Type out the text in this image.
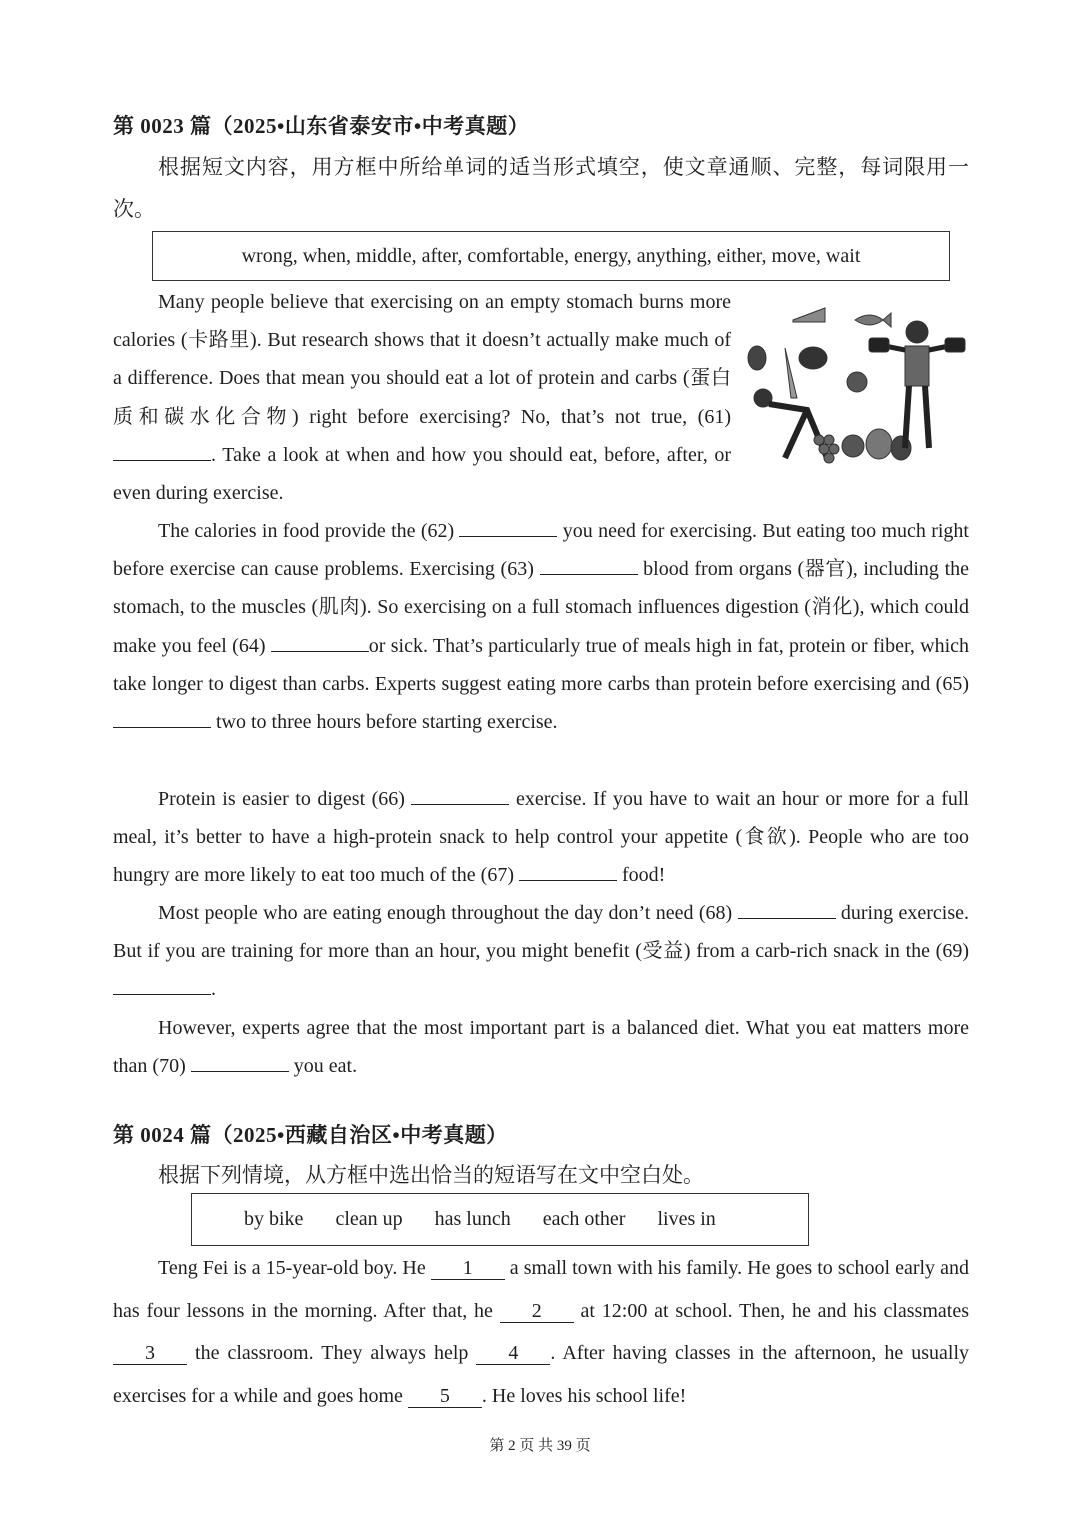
第 0023 篇（2025•山东省泰安市•中考真题）
根据短文内容，用方框中所给单词的适当形式填空，使文章通顺、完整，每词限用一次。
wrong, when, middle, after, comfortable, energy, anything, either, move, wait
Many people believe that exercising on an empty stomach burns more calories (卡路里). But research shows that it doesn’t actually make much of a difference. Does that mean you should eat a lot of protein and carbs (蛋白质和碳水化合物) right before exercising? No, that’s not true, (61) . Take a look at when and how you should eat, before, after, or even during exercise.
The calories in food provide the (62)	you need for exercising. But eating too much right before exercise can cause problems. Exercising (63)	blood from organs (器官), including the stomach, to the muscles (肌肉). So exercising on a full stomach influences digestion (消化), which could make you feel (64)	or sick. That’s particularly true of meals high in fat, protein or fiber, which take longer to digest than carbs. Experts suggest eating more carbs than protein before exercising and (65) two to three hours before starting exercise.
Protein is easier to digest (66)	exercise. If you have to wait an hour or more for a full meal, it’s better to have a high-protein snack to help control your appetite (食欲). People who are too hungry are more likely to eat too much of the (67)	food!
Most people who are eating enough throughout the day don’t need (68)	during exercise. But if you are training for more than an hour, you might benefit (受益) from a carb-rich snack in the (69) .
However, experts agree that the most important part is a balanced diet. What you eat matters more than (70)	you eat.
第 0024 篇（2025•西藏自治区•中考真题）
根据下列情境，从方框中选出恰当的短语写在文中空白处。
by bike clean up has lunch each other lives in
Teng Fei is a 15-year-old boy. He 1 a small town with his family. He goes to school early and has four lessons in the morning. After that, he 2 at 12:00 at school. Then, he and his classmates 3 the classroom. They always help 4 . After having classes in the afternoon, he usually exercises for a while and goes home 5 . He loves his school life!
第 2 页 共 39 页
